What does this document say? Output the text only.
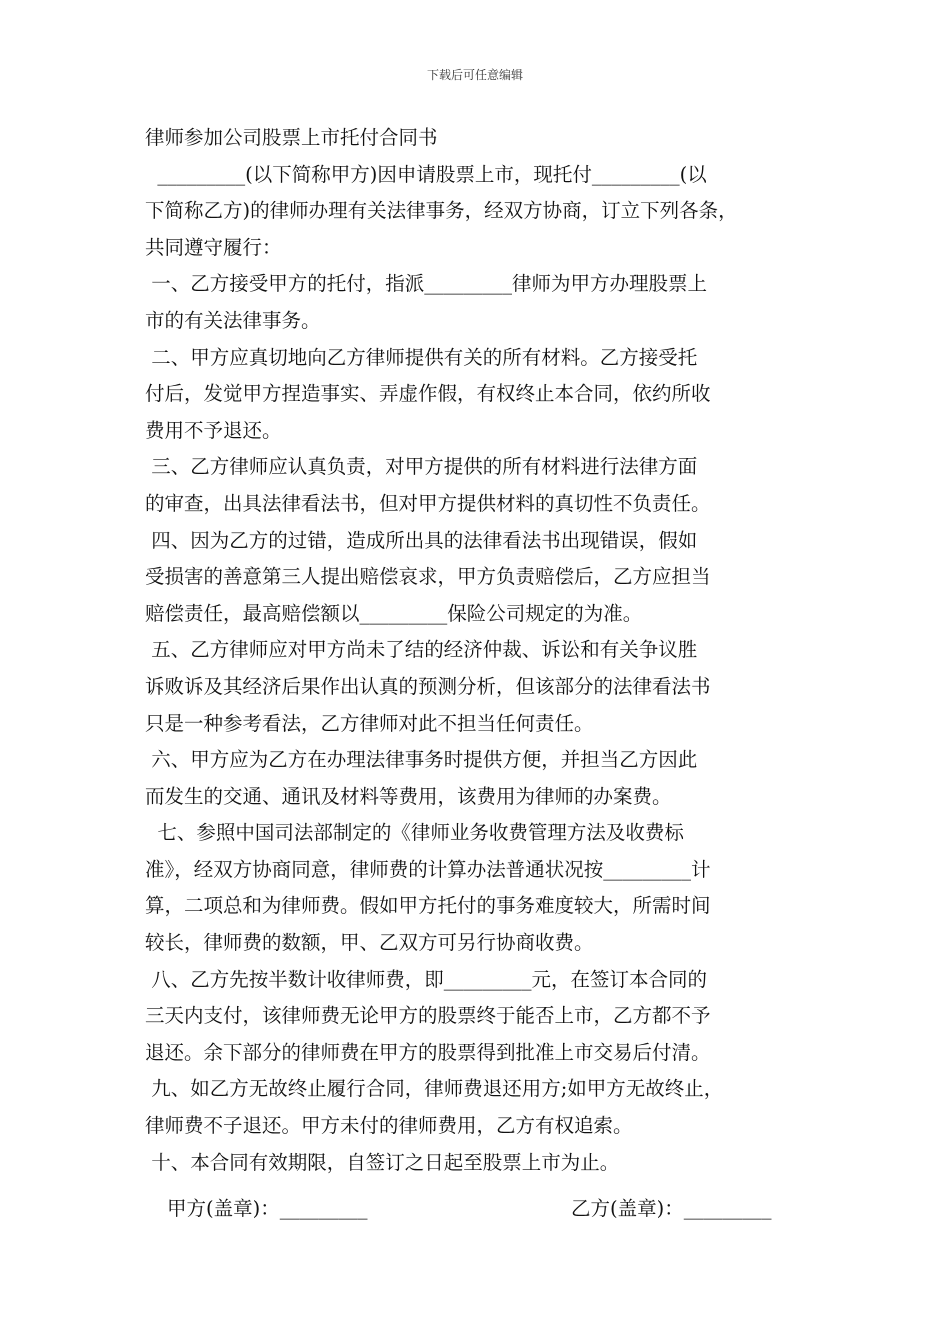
下载后可任意编辑
律师参加公司股票上市托付合同书
_________(以下简称甲方)因申请股票上市，现托付_________(以
下简称乙方)的律师办理有关法律事务，经双方协商，订立下列各条，
共同遵守履行：
一、乙方接受甲方的托付，指派_________律师为甲方办理股票上
市的有关法律事务。
二、甲方应真切地向乙方律师提供有关的所有材料。乙方接受托
付后，发觉甲方捏造事实、弄虚作假，有权终止本合同，依约所收
费用不予退还。
三、乙方律师应认真负责，对甲方提供的所有材料进行法律方面
的审查，出具法律看法书，但对甲方提供材料的真切性不负责任。
四、因为乙方的过错，造成所出具的法律看法书出现错误，假如
受损害的善意第三人提出赔偿哀求，甲方负责赔偿后，乙方应担当
赔偿责任，最高赔偿额以_________保险公司规定的为准。
五、乙方律师应对甲方尚未了结的经济仲裁、诉讼和有关争议胜
诉败诉及其经济后果作出认真的预测分析，但该部分的法律看法书
只是一种参考看法，乙方律师对此不担当任何责任。
六、甲方应为乙方在办理法律事务时提供方便，并担当乙方因此
而发生的交通、通讯及材料等费用，该费用为律师的办案费。
七、参照中国司法部制定的《律师业务收费管理方法及收费标
准》，经双方协商同意，律师费的计算办法普通状况按_________计
算，二项总和为律师费。假如甲方托付的事务难度较大，所需时间
较长，律师费的数额，甲、乙双方可另行协商收费。
八、乙方先按半数计收律师费，即_________元，在签订本合同的
三天内支付，该律师费无论甲方的股票终于能否上市，乙方都不予
退还。余下部分的律师费在甲方的股票得到批准上市交易后付清。
九、如乙方无故终止履行合同，律师费退还用方;如甲方无故终止，
律师费不子退还。甲方未付的律师费用，乙方有权追索。
十、本合同有效期限，自签订之日起至股票上市为止。
甲方(盖章)：_________	乙方(盖章)：_________
